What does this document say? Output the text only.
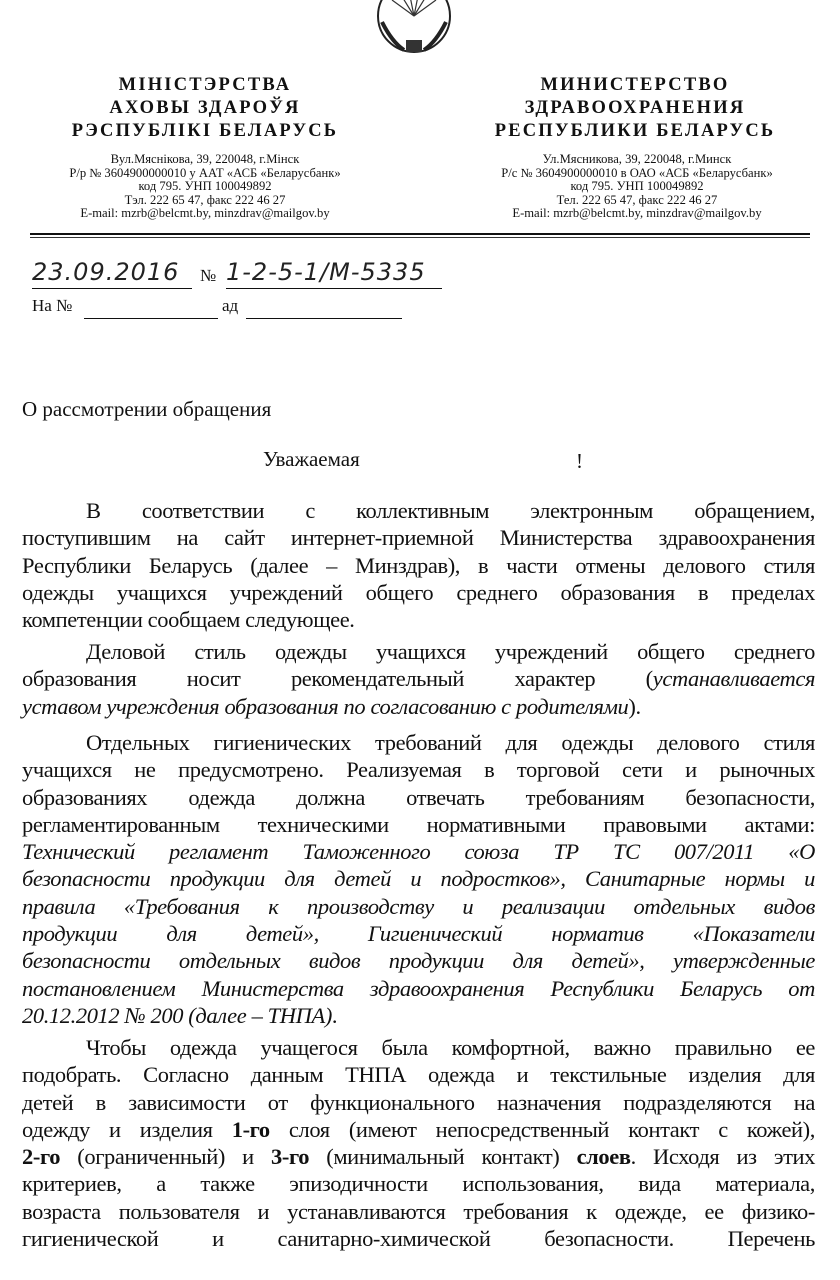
МІНІСТЭРСТВА
АХОВЫ ЗДАРОЎЯ
РЭСПУБЛІКІ БЕЛАРУСЬ
МИНИСТЕРСТВО
ЗДРАВООХРАНЕНИЯ
РЕСПУБЛИКИ БЕЛАРУСЬ
Вул.Мяснікова, 39, 220048, г.Мінск
Р/р № 3604900000010 у ААТ «АСБ «Беларусбанк»
код 795. УНП 100049892
Тэл. 222 65 47, факс 222 46 27
E-mail: mzrb@belcmt.by, minzdrav@mailgov.by
Ул.Мясникова, 39, 220048, г.Минск
Р/с № 3604900000010 в ОАО «АСБ «Беларусбанк»
код 795. УНП 100049892
Тел. 222 65 47, факс 222 46 27
E-mail: mzrb@belcmt.by, minzdrav@mailgov.by
23.09.2016	№ 1-2-5-1/М-5335
На №	ад
О рассмотрении обращения
Уважаемая	!
В соответствии с коллективным электронным обращением,
поступившим на сайт интернет-приемной Министерства здравоохранения
Республики Беларусь (далее – Минздрав), в части отмены делового стиля
одежды учащихся учреждений общего среднего образования в пределах
компетенции сообщаем следующее.
Деловой стиль одежды учащихся учреждений общего среднего
образования носит рекомендательный характер (устанавливается
уставом учреждения образования по согласованию с родителями).
Отдельных гигиенических требований для одежды делового стиля
учащихся не предусмотрено. Реализуемая в торговой сети и рыночных
образованиях одежда должна отвечать требованиям безопасности,
регламентированным техническими нормативными правовыми актами:
Технический регламент Таможенного союза ТР ТС 007/2011 «О
безопасности продукции для детей и подростков», Санитарные нормы и
правила «Требования к производству и реализации отдельных видов
продукции для детей», Гигиенический норматив «Показатели
безопасности отдельных видов продукции для детей», утвержденные
постановлением Министерства здравоохранения Республики Беларусь от
20.12.2012 № 200 (далее – ТНПА).
Чтобы одежда учащегося была комфортной, важно правильно ее
подобрать. Согласно данным ТНПА одежда и текстильные изделия для
детей в зависимости от функционального назначения подразделяются на
одежду и изделия 1-го слоя (имеют непосредственный контакт с кожей),
2-го (ограниченный) и 3-го (минимальный контакт) слоев. Исходя из этих
критериев, а также эпизодичности использования, вида материала,
возраста пользователя и устанавливаются требования к одежде, ее физико-
гигиенической и санитарно-химической безопасности. Перечень
